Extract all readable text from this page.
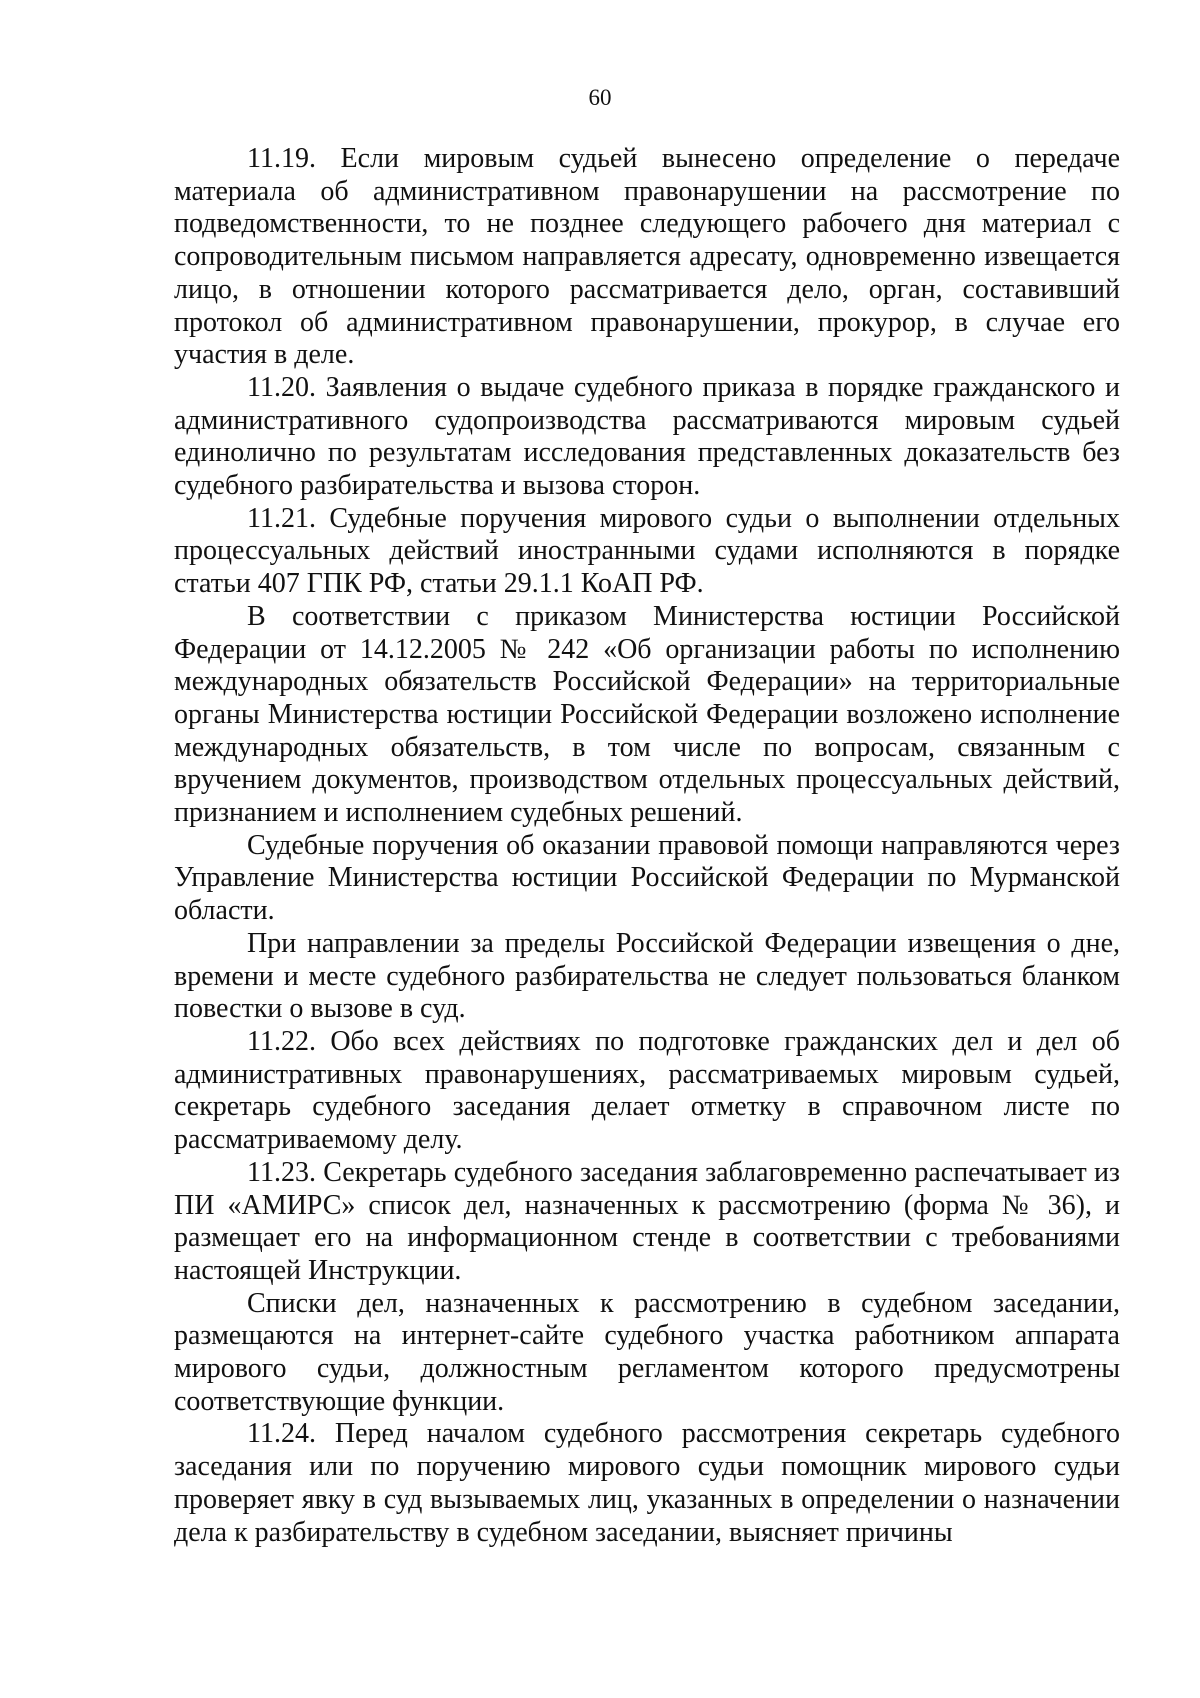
60

11.19. Если мировым судьей вынесено определение о передаче материала об административном правонарушении на рассмотрение по подведомственности, то не позднее следующего рабочего дня материал с сопроводительным письмом направляется адресату, одновременно извещается лицо, в отношении которого рассматривается дело, орган, составивший протокол об административном правонарушении, прокурор, в случае его участия в деле.

11.20. Заявления о выдаче судебного приказа в порядке гражданского и административного судопроизводства рассматриваются мировым судьей единолично по результатам исследования представленных доказательств без судебного разбирательства и вызова сторон.

11.21. Судебные поручения мирового судьи о выполнении отдельных процессуальных действий иностранными судами исполняются в порядке статьи 407 ГПК РФ, статьи 29.1.1 КоАП РФ.

В соответствии с приказом Министерства юстиции Российской Федерации от 14.12.2005 № 242 «Об организации работы по исполнению международных обязательств Российской Федерации» на территориальные органы Министерства юстиции Российской Федерации возложено исполнение международных обязательств, в том числе по вопросам, связанным с вручением документов, производством отдельных процессуальных действий, признанием и исполнением судебных решений.

Судебные поручения об оказании правовой помощи направляются через Управление Министерства юстиции Российской Федерации по Мурманской области.

При направлении за пределы Российской Федерации извещения о дне, времени и месте судебного разбирательства не следует пользоваться бланком повестки о вызове в суд.

11.22. Обо всех действиях по подготовке гражданских дел и дел об административных правонарушениях, рассматриваемых мировым судьей, секретарь судебного заседания делает отметку в справочном листе по рассматриваемому делу.

11.23. Секретарь судебного заседания заблаговременно распечатывает из ПИ «АМИРС» список дел, назначенных к рассмотрению (форма № 36), и размещает его на информационном стенде в соответствии с требованиями настоящей Инструкции.

Списки дел, назначенных к рассмотрению в судебном заседании, размещаются на интернет-сайте судебного участка работником аппарата мирового судьи, должностным регламентом которого предусмотрены соответствующие функции.

11.24. Перед началом судебного рассмотрения секретарь судебного заседания или по поручению мирового судьи помощник мирового судьи проверяет явку в суд вызываемых лиц, указанных в определении о назначении дела к разбирательству в судебном заседании, выясняет причины
